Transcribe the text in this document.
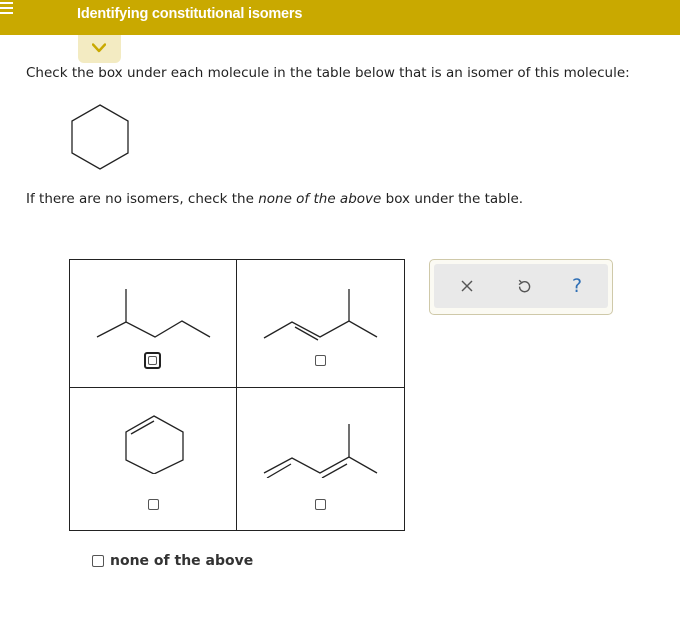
Identifying constitutional isomers
Check the box under each molecule in the table below that is an isomer of this molecule:
If there are no isomers, check the none of the above box under the table.
none of the above
?
